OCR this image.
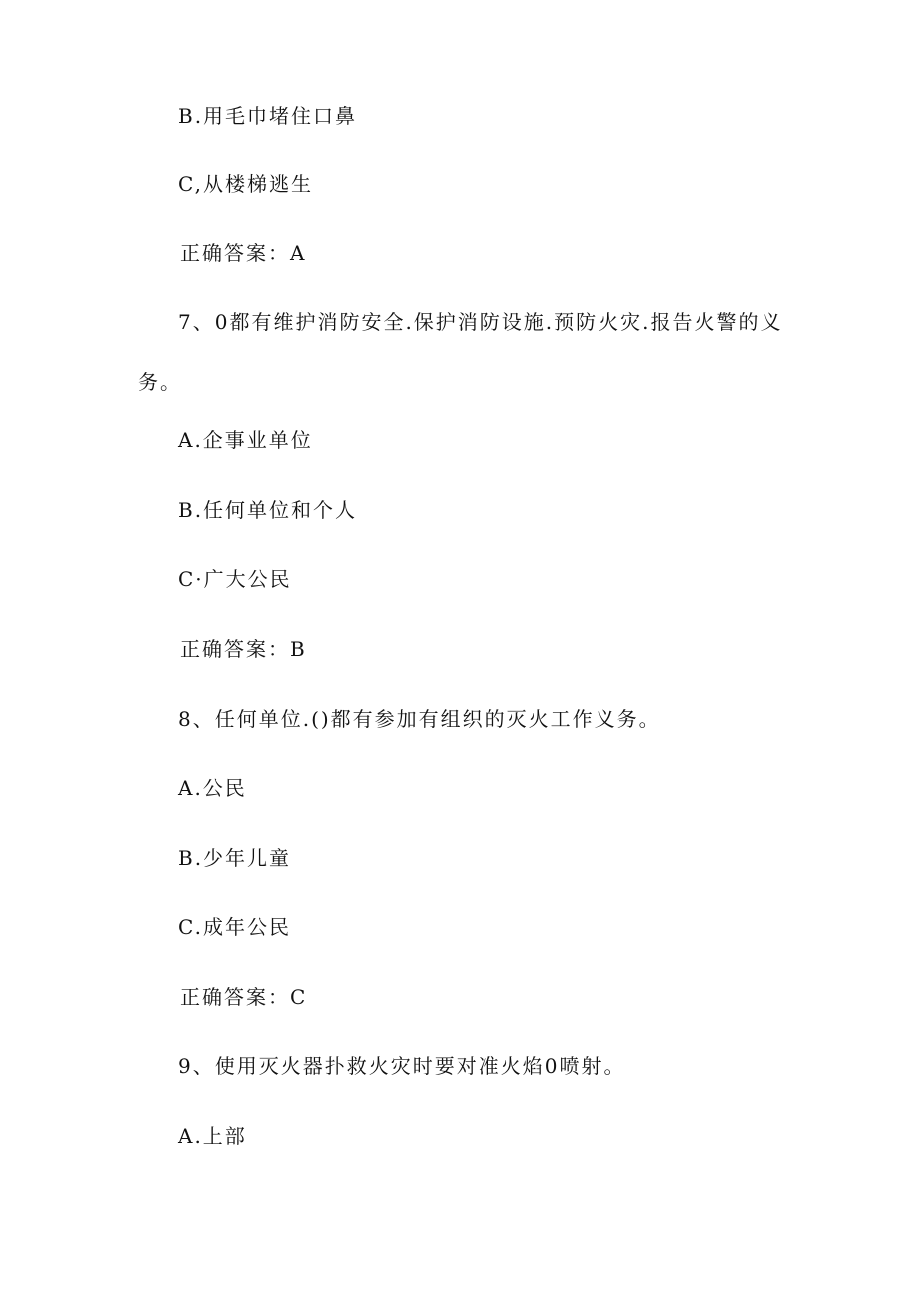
B.用毛巾堵住口鼻
C,从楼梯逃生
正确答案：A
7、0都有维护消防安全.保护消防设施.预防火灾.报告火警的义
务。
A.企事业单位
B.任何单位和个人
C·广大公民
正确答案：B
8、任何单位.()都有参加有组织的灭火工作义务。
A.公民
B.少年儿童
C.成年公民
正确答案：C
9、使用灭火器扑救火灾时要对准火焰0喷射。
A.上部
